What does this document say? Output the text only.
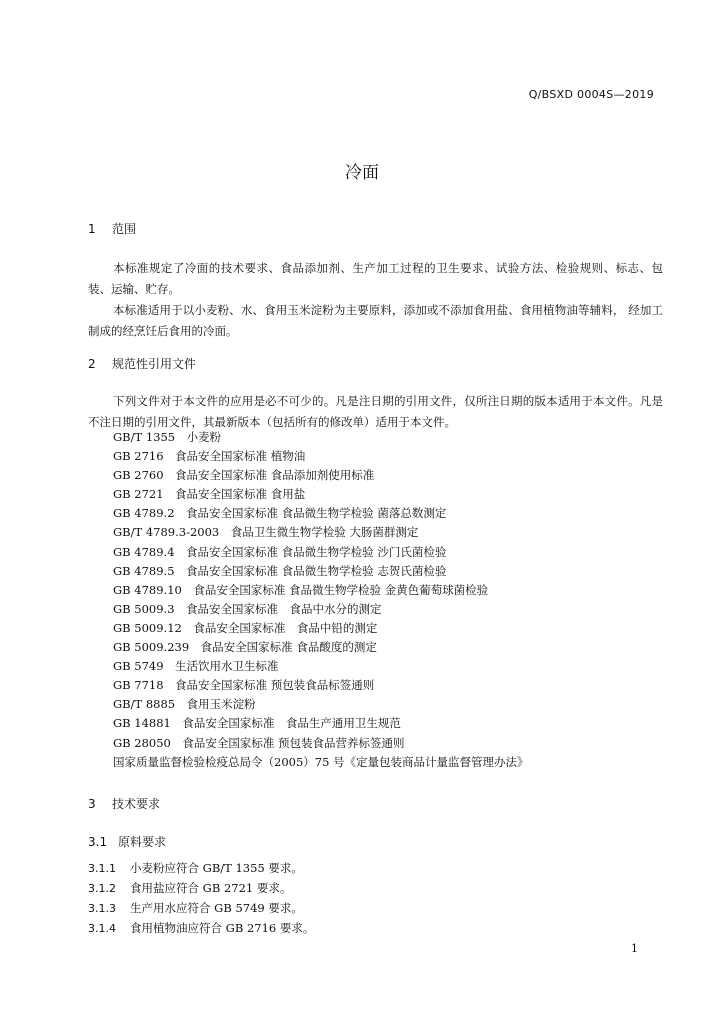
Q/BSXD 0004S—2019
冷面
1 范围
本标准规定了冷面的技术要求、食品添加剂、生产加工过程的卫生要求、试验方法、检验规则、标志、包装、运输、贮存。
本标准适用于以小麦粉、水、食用玉米淀粉为主要原料，添加或不添加食用盐、食用植物油等辅料， 经加工制成的经烹饪后食用的冷面。
2 规范性引用文件
下列文件对于本文件的应用是必不可少的。凡是注日期的引用文件，仅所注日期的版本适用于本文件。凡是不注日期的引用文件，其最新版本（包括所有的修改单）适用于本文件。
GB/T 1355　小麦粉
GB 2716　食品安全国家标准 植物油
GB 2760　食品安全国家标准 食品添加剂使用标准
GB 2721　食品安全国家标准 食用盐
GB 4789.2　食品安全国家标准 食品微生物学检验 菌落总数测定
GB/T 4789.3-2003　食品卫生微生物学检验 大肠菌群测定
GB 4789.4　食品安全国家标准 食品微生物学检验 沙门氏菌检验
GB 4789.5　食品安全国家标准 食品微生物学检验 志贺氏菌检验
GB 4789.10　食品安全国家标准 食品微生物学检验 金黄色葡萄球菌检验
GB 5009.3　食品安全国家标准　食品中水分的测定
GB 5009.12　食品安全国家标准　食品中铅的测定
GB 5009.239　食品安全国家标准 食品酸度的测定
GB 5749　生活饮用水卫生标准
GB 7718　食品安全国家标准 预包装食品标签通则
GB/T 8885　食用玉米淀粉
GB 14881　食品安全国家标准　食品生产通用卫生规范
GB 28050　食品安全国家标准 预包装食品营养标签通则
国家质量监督检验检疫总局令（2005）75 号《定量包装商品计量监督管理办法》
3 技术要求
3.1 原料要求
3.1.1 小麦粉应符合 GB/T 1355 要求。
3.1.2 食用盐应符合 GB 2721 要求。
3.1.3 生产用水应符合 GB 5749 要求。
3.1.4 食用植物油应符合 GB 2716 要求。
1
